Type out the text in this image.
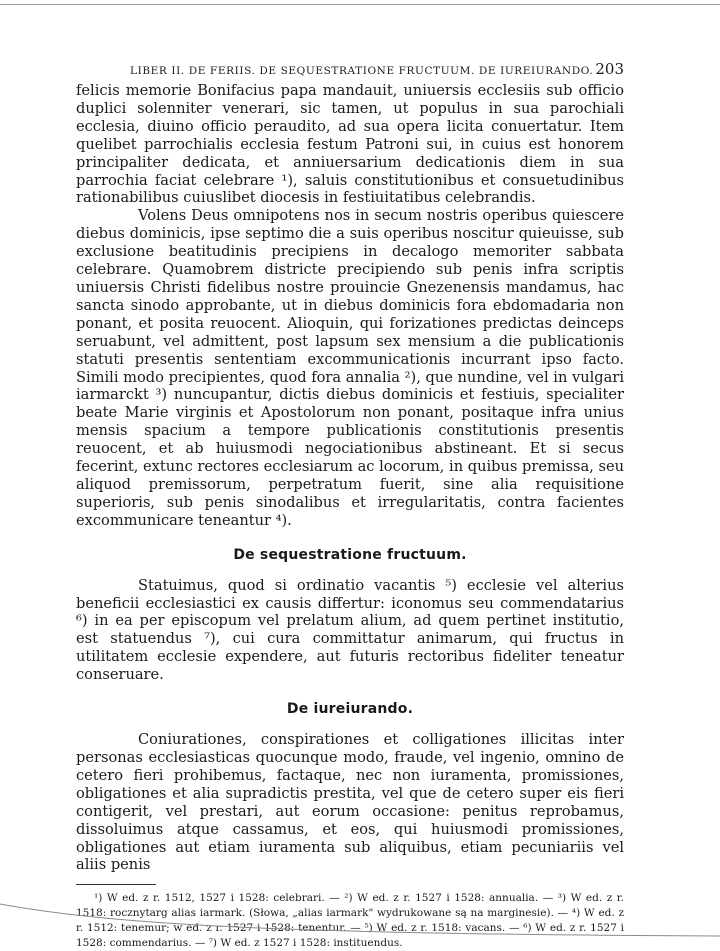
LIBER II. DE FERIIS. DE SEQUESTRATIONE FRUCTUUM. DE IUREIURANDO. 203

felicis memorie Bonifacius papa mandauit, uniuersis ecclesiis sub officio duplici solenniter venerari, sic tamen, ut populus in sua parochiali ecclesia, diuino officio peraudito, ad sua opera licita conuertatur. Item quelibet parrochialis ecclesia festum Patroni sui, in cuius est honorem principaliter dedicata, et anniuersarium dedicationis diem in sua parrochia faciat celebrare ¹), saluis constitutionibus et consuetudinibus rationabilibus cuiuslibet diocesis in festiuitatibus celebrandis.

Volens Deus omnipotens nos in secum nostris operibus quiescere diebus dominicis, ipse septimo die a suis operibus noscitur quieuisse, sub exclusione beatitudinis precipiens in decalogo memoriter sabbata celebrare. Quamobrem districte precipiendo sub penis infra scriptis uniuersis Christi fidelibus nostre prouincie Gnezenensis mandamus, hac sancta sinodo approbante, ut in diebus dominicis fora ebdomadaria non ponant, et posita reuocent. Alioquin, qui forizationes predictas deinceps seruabunt, vel admittent, post lapsum sex mensium a die publicationis statuti presentis sententiam excommunicationis incurrant ipso facto. Simili modo precipientes, quod fora annalia ²), que nundine, vel in vulgari iarmarckt ³) nuncupantur, dictis diebus dominicis et festiuis, specialiter beate Marie virginis et Apostolorum non ponant, positaque infra unius mensis spacium a tempore publicationis constitutionis presentis reuocent, et ab huiusmodi negociationibus abstineant. Et si secus fecerint, extunc rectores ecclesiarum ac locorum, in quibus premissa, seu aliquod premissorum, perpetratum fuerit, sine alia requisitione superioris, sub penis sinodalibus et irregularitatis, contra facientes excommunicare teneantur ⁴).

De sequestratione fructuum.

Statuimus, quod si ordinatio vacantis ⁵) ecclesie vel alterius beneficii ecclesiastici ex causis differtur: iconomus seu commendatarius ⁶) in ea per episcopum vel prelatum alium, ad quem pertinet institutio, est statuendus ⁷), cui cura committatur animarum, qui fructus in utilitatem ecclesie expendere, aut futuris rectoribus fideliter teneatur conseruare.

De iureiurando.

Coniurationes, conspirationes et colligationes illicitas inter personas ecclesiasticas quocunque modo, fraude, vel ingenio, omnino de cetero fieri prohibemus, factaque, nec non iuramenta, promissiones, obligationes et alia supradictis prestita, vel que de cetero super eis fieri contigerit, vel prestari, aut eorum occasione: penitus reprobamus, dissoluimus atque cassamus, et eos, qui huiusmodi promissiones, obligationes aut etiam iuramenta sub aliquibus, etiam pecuniariis vel aliis penis

¹) W ed. z r. 1512, 1527 i 1528: celebrari. — ²) W ed. z r. 1527 i 1528: annualia. — ³) W ed. z r. 1518: rocznytarg alias iarmark. (Słowa, „alias iarmark" wydrukowane są na marginesie). — ⁴) W ed. z r. 1512: tenemur; w ed. z r. 1527 i 1528: tenentur. — ⁵) W ed. z r. 1518: vacans. — ⁶) W ed. z r. 1527 i 1528: commendarius. — ⁷) W ed. z 1527 i 1528: instituendus.
